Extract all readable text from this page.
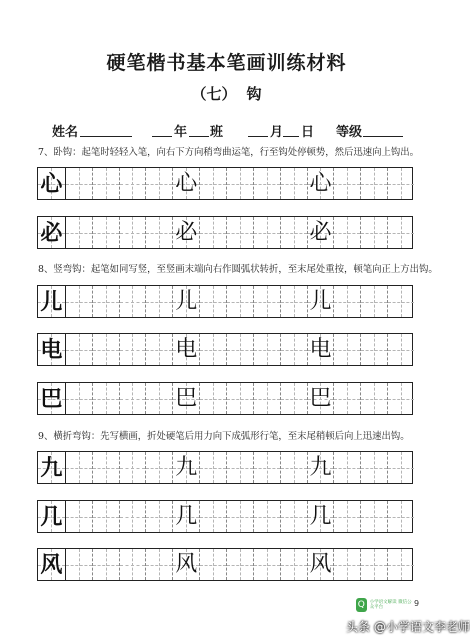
硬笔楷书基本笔画训练材料
（七） 钩
姓名	年 班	月 日 等级
7、卧钩：起笔时轻轻入笔，向右下方向稍弯曲运笔，行至钩处停顿势，然后迅速向上钩出。
心	心	心
必	必	必
8、竖弯钩：起笔如同写竖，至竖画末端向右作圆弧状转折，至末尾处重按，顿笔向正上方出钩。
儿	儿	儿
电	电	电
巴	巴	巴
9、横折弯钩：先写横画，折处硬笔后用力向下成弧形行笔，至末尾稍顿后向上迅速出钩。
九	九	九
几	几	几
风	风	风
Q	小学语文解读 微信公众平台	9
头条 @小学语文李老师
